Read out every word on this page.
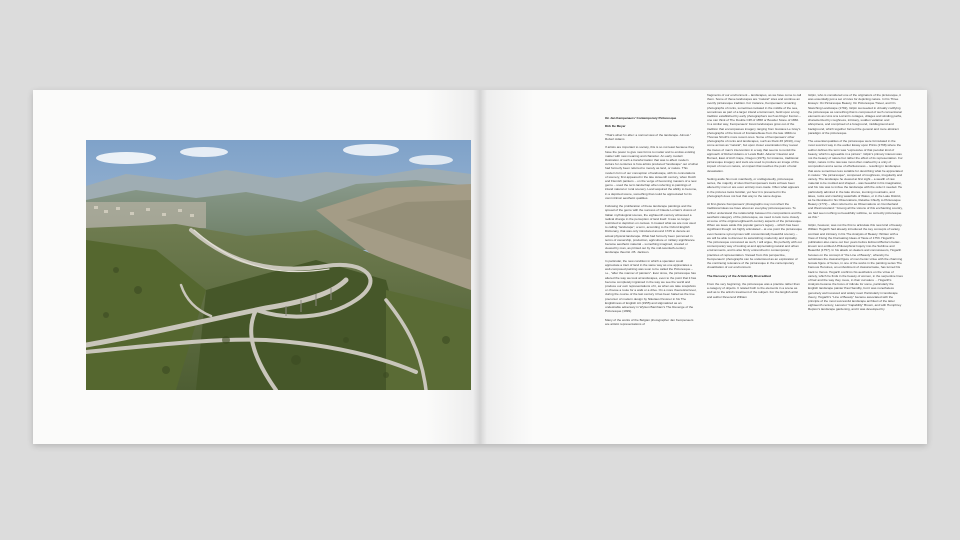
On Jan Kempenaers' Contemporary Picturesque

Dirk De Meyer

"That's what I'm after: a normal view of the landscape. Almost." Robert Adams

If artists are important to society, this is so not least because they have the power to give new forms to matter and to endow existing matter with new meaning and character. An early modern illustration of such a transformation that was to affect modern culture for centuries is how artists produced "landscape" out of what had formerly been referred to merely as land, or nature. This modern form of our conception of landscape, with its connotations of scenery, first appeared in the late sixteenth century, when Dutch and Flemish painters – on the verge of becoming masters of a new genre – used the term landschap when referring to paintings of inland natural or rural scenery. Land acquired the ability to become, in a depicted scene, something that could be appreciated for its own intrinsic aesthetic qualities.

Following the proliferation of these landscape paintings and the spread of the genre with the success of Claude Lorrain's visions of Italian mythological scenes, the eighteenth century witnessed a radical change in the perception of land itself. It was no longer restricted to depiction on canvas. It created what we are now used to calling "landscape", a term, according to the Oxford English Dictionary, that was only introduced around 1725 to denote an actual physical landscape. What had formerly been perceived in terms of ownership, production, agriculture or military significance became aesthetic material – something imagined, created or viewed by man, as printed out by the mid-twentieth-century landscape theorist J.B. Jackson.

In particular, the new condition in which a spectator could appreciate a tract of land in the same way as one appreciates a well-composed painting was soon to be called the Picturesque – i.e., "after the manner of painters". Ever since, the picturesque has altered the way we look at landscapes, even to the point that it has become completely ingrained in the way we see the world and produce our own representations of it, as when we take snapshots or choose a route for a walk or a drive. On a more theoretical level, during the course of the last century it has been hailed as the true precursor of modern design by Nikolaus Pevsner in his The Englishness of English Art (1955) and stigmatized as an undesirable adversary in Wylson Barnham's The Revenge of the Picturesque (1999).

Many of the works of the Belgian photographer Jan Kempenaers are artistic representations of

fragments of our environment – landscapes, as we have come to call them. Some of these landscapes are "natural" sites and continue an overtly picturesque tradition. For instance, Kempenaers' amazing photographs of rocks, sometimes isolated in the middle of the sea, sometimes as part of a larger inland environment, build upon a long tradition established by early photographers such as Roger Fenton – one can think of The Double Cliff of 1858 or Bowder Stone of 1860. In a similar way, Kempenaers' forest landscapes grow out of the tradition that encompasses imagery ranging from Gustave Le Gray's photographs of the forest of Fontainebleau from the late 1840s to Thomas Struth's more recent ones. Some of Kempenaers' other photographs of rocks and landscapes, such as Rock #3 (2010), may come across as "natural", but upon closer examination they reveal the traces of man's intervention in a way that seems to revisit the approach of Robert Adams or Lewis Baltz. Adams' Clearcut and Burned, East of Arch Cape, Oregon (1976), for instance, traditional picturesque imagery and tools are used to produce an image of the impact of man on nature, an impact that reaches the point of total devastation.

Setting aside his most manifestly, or undisguisedly, picturesque series, the majority of sites that Kempenaers looks at have been altered by man or are even entirely man-made. Often what appears in the pictures looks familiar, yet how it is presented in the photograph does not feel that way to the same degree.

At first glance Kempenaers' photographs may not reflect the traditional ideas we have about an everyday picturesqueness. To further understand the relationship between his compositions and the aesthetic category of the picturesque, we need to look more closely at some of the original eighteenth-century aspects of the picturesque. When we leave aside this popular genre's legacy – which has been significant though not highly articulated – at one point the picturesque even became synonymous with conventionally beautiful scenery – we will be able to discover its astonishing modernity and topicality. The picturesque conceived as such, I will argue, fits perfectly with our contemporary way of looking at and appreciating natural and urban environments, and is also firmly entrenched in contemporary practices of representation. Viewed from this perspective, Kempenaers' photographs can be understood as an exploration of the continuing relevance of the picturesque in the contemporary visualization of our environment.

The Recovery of the Artistically Discredited

From the very beginning, the picturesque was a practice rather than a category of objects. It related both to the elements in a scene as well as to the artist's treatment of the subject. For the English artist and author Reverend William

Gilpin, who is considered one of the originators of the picturesque, it was essentially just a set of rules for depicting nature. In his Three Essays: On Picturesque Beauty, On Picturesque Travel, and On Sketching Landscape (1792), Gilpin succeeded in virtually codifying the picturesque as something that is composed of such conventional elements as ruins à la Lorrain's cottages, villages and winding paths, characterized by roughness, intricacy, sudden variation and abruptness, and comprised of a foreground, middleground and background, which together formed the general and more abstract paradigm of the picturesque.

The essential qualities of the picturesque were formulated in the most succinct way in the earlier Essay upon Prints (1768) where the author defines the term was "expressive of that peculiar kind of beauty, which is agreeable in a picture". Gilpin's primary interest was not the beauty of nature but rather the effect of its representation. For Gilpin, nature in the raw was most often marked by a unity of composition and a sense of effortlessness – resulting in landscapes that were sometimes less suitable for describing what he appreciated in nature: "the picturesque", composed of roughness, irregularity and variety. The landscape he viewed at first sight – a wealth of raw material to be molded and shaped – was beautiful in his imagination, and his role was to imbue the landscape with the order it needed. He particularly admired in the lake shores, looming mountains, and lakes, rocks and crashing waterfalls of Wales, or in the Lake District, as he illustrated in his Observations, Relative Chiefly to Picturesque Beauty (1772) – often referred to as Observations on Cumberland and Westmoreland: "Among all the visions of this enchanting country, we had seen nothing so beautifully sublime, so correctly picturesque as this."

Gilpin, however, was not the first to articulate this new kind of beauty. William Hogarth had already introduced the key concepts of variety, contrast and intricacy in his The Analysis of Beauty: Written with a View of Fixing the Fluctuating Ideas of Taste of 1753. Hogarth's publication also came out four years before Edmund Burke's better-known text entitled A Philosophical Inquiry into the Sublime and Beautiful (1757). In his attack on dealers and connoisseurs, Hogarth focuses on the concept of "the Line of Beauty", whereby he substitutes the classical figure of man heroic virtue with the charming female figure of Venus, in one of the works in the painting series The Famous Heroines, an embodiment of classical taste, has turned his back to Venus. Hogarth confirms his aesthetics on the virtue of variety, which he finds in the beauty of women, in the serpentine lines of hair and the way they move, in their curvature ... Hogarth's Analysis became the focus of ridicule for some, particularly the English landscape painter Paul Sandby, but it was nonetheless genuinely well received and widely read. Particularly in landscape theory, Hogarth's "Line of Beauty" became associated with the principle of the most successful landscape architect of the latter eighteenth century, Lancelot "Capability" Brown, and with Humphrey Repton's landscape gardening, and it was developed by
